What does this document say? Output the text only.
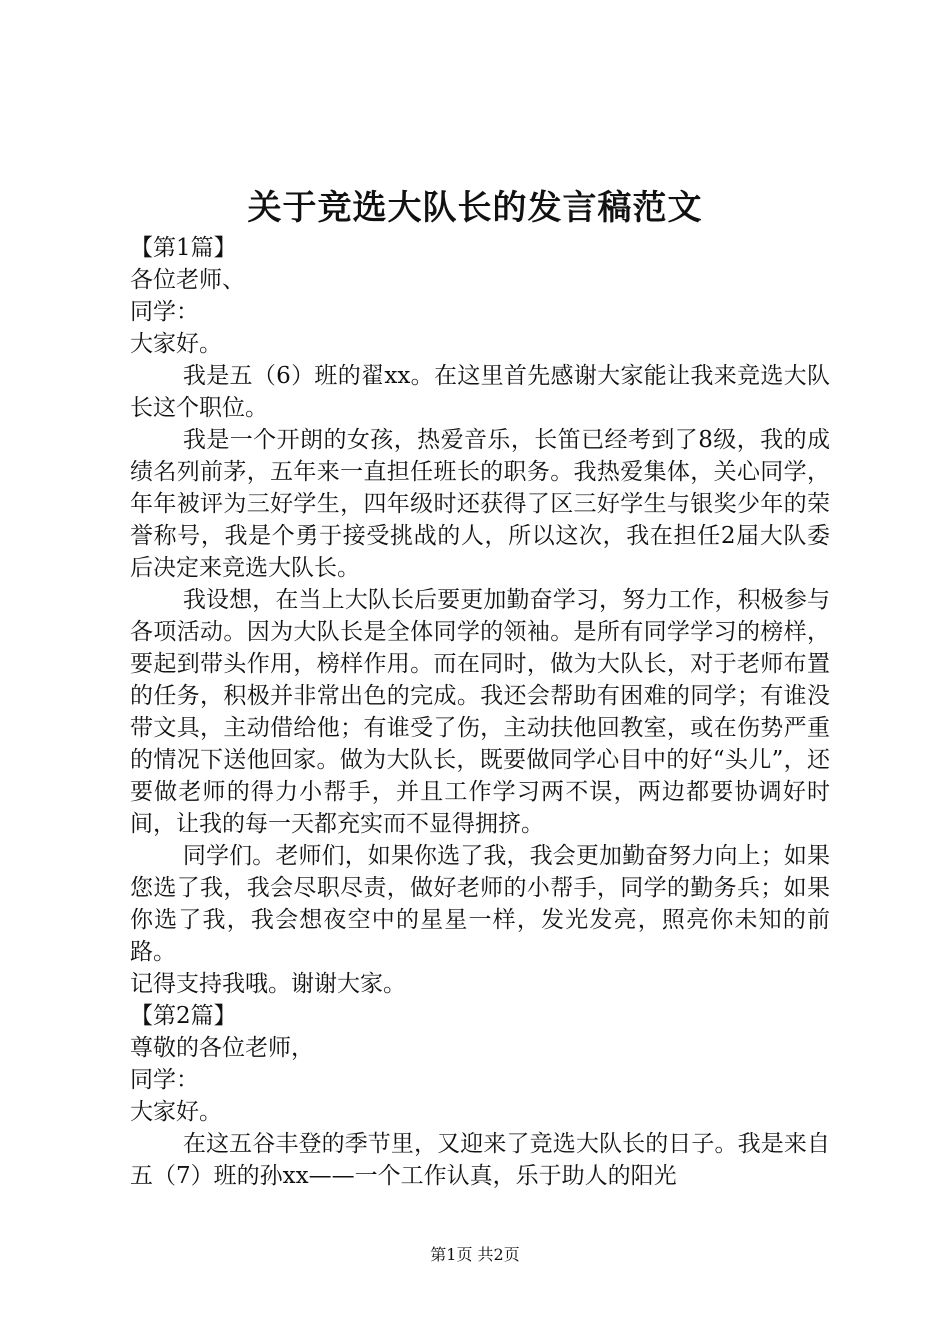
关于竞选大队长的发言稿范文

【第1篇】

各位老师、

同学：

大家好。

我是五（6）班的翟xx。在这里首先感谢大家能让我来竞选大队长这个职位。

我是一个开朗的女孩，热爱音乐，长笛已经考到了8级，我的成绩名列前茅，五年来一直担任班长的职务。我热爱集体，关心同学，年年被评为三好学生，四年级时还获得了区三好学生与银奖少年的荣誉称号，我是个勇于接受挑战的人，所以这次，我在担任2届大队委后决定来竞选大队长。

我设想，在当上大队长后要更加勤奋学习，努力工作，积极参与各项活动。因为大队长是全体同学的领袖。是所有同学学习的榜样，要起到带头作用，榜样作用。而在同时，做为大队长，对于老师布置的任务，积极并非常出色的完成。我还会帮助有困难的同学；有谁没带文具，主动借给他；有谁受了伤，主动扶他回教室，或在伤势严重的情况下送他回家。做为大队长，既要做同学心目中的好“头儿”，还要做老师的得力小帮手，并且工作学习两不误，两边都要协调好时间，让我的每一天都充实而不显得拥挤。

同学们。老师们，如果你选了我，我会更加勤奋努力向上；如果您选了我，我会尽职尽责，做好老师的小帮手，同学的勤务兵；如果你选了我，我会想夜空中的星星一样，发光发亮，照亮你未知的前路。

记得支持我哦。谢谢大家。

【第2篇】

尊敬的各位老师，

同学：

大家好。

在这五谷丰登的季节里，又迎来了竞选大队长的日子。我是来自五（7）班的孙xx——一个工作认真，乐于助人的阳光

第1页 共2页
